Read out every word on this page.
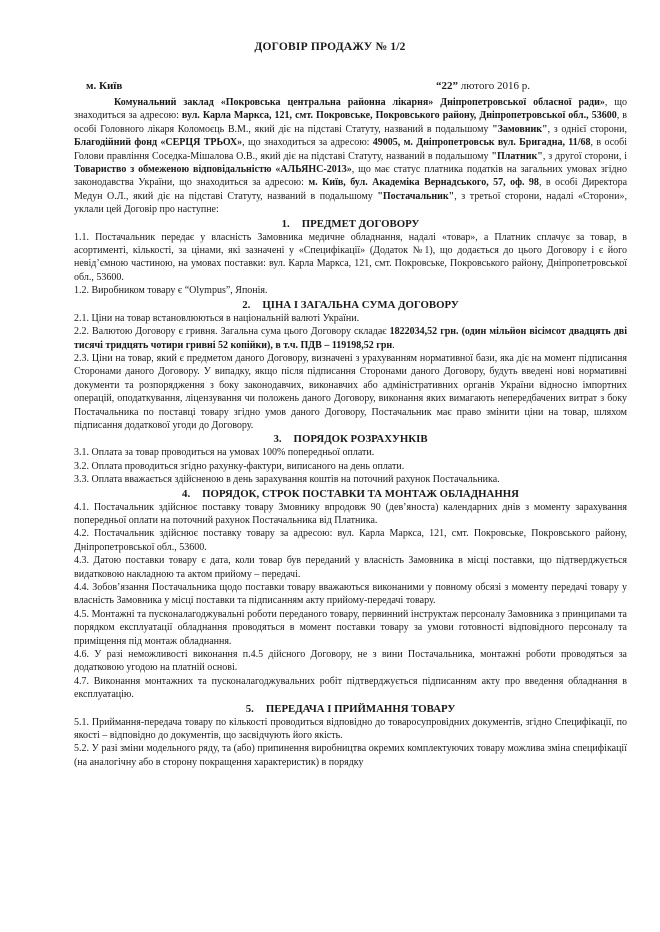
ДОГОВІР ПРОДАЖУ № 1/2
м. Київ	“22” лютого 2016 р.

Комунальний заклад «Покровська центральна районна лікарня» Дніпропетровської обласної ради», що знаходиться за адресою: вул. Карла Маркса, 121, смт. Покровське, Покровського району, Дніпропетровської обл., 53600, в особі Головного лікаря Коломоєць В.М., який діє на підставі Статуту, названий в подальшому "Замовник", з однієї сторони, Благодійний фонд «СЕРЦЯ ТРЬОХ», що знаходиться за адресою: 49005, м. Дніпропетровськ вул. Бригадна, 11/68, в особі Голови правління Соседка-Мішалова О.В., який діє на підставі Статуту, названий в подальшому "Платник", з другої сторони, і Товариство з обмеженою відповідальністю «АЛЬЯНС-2013», що має статус платника податків на загальних умовах згідно законодавства України, що знаходиться за адресою: м. Київ, бул. Академіка Вернадського, 57, оф. 98, в особі Директора Медун О.Л., який діє на підставі Статуту, названий в подальшому "Постачальник", з третьої сторони, надалі «Сторони», уклали цей Договір про наступне:

1. ПРЕДМЕТ ДОГОВОРУ

1.1. Постачальник передає у власність Замовника медичне обладнання, надалі «товар», а Платник сплачує за товар, в асортименті, кількості, за цінами, які зазначені у «Специфікації» (Додаток №1), що додається до цього Договору і є його невід’ємною частиною, на умовах поставки: вул. Карла Маркса, 121, смт. Покровське, Покровського району, Дніпропетровської обл., 53600.

1.2. Виробником товару є “Olympus”, Японія.

2. ЦІНА І ЗАГАЛЬНА СУМА ДОГОВОРУ

2.1. Ціни на товар встановлюються в національній валюті України.

2.2. Валютою Договору є гривня. Загальна сума цього Договору складає 1822034,52 грн. (один мільйон вісімсот двадцять дві тисячі тридцять чотири гривні 52 копійки), в т.ч. ПДВ – 119198,52 грн.

2.3. Ціни на товар, який є предметом даного Договору, визначені з урахуванням нормативної бази, яка діє на момент підписання Сторонами даного Договору. У випадку, якщо після підписання Сторонами даного Договору, будуть введені нові нормативні документи та розпорядження з боку законодавчих, виконавчих або адміністративних органів України відносно імпортних операцій, оподаткування, ліцензування чи положень даного Договору, виконання яких вимагають непередбачених витрат з боку Постачальника по поставці товару згідно умов даного Договору, Постачальник має право змінити ціни на товар, шляхом підписання додаткової угоди до Договору.

3. ПОРЯДОК РОЗРАХУНКІВ

3.1. Оплата за товар проводиться на умовах 100% попередньої оплати.

3.2. Оплата проводиться згідно рахунку-фактури, виписаного на день оплати.

3.3. Оплата вважається здійсненою в день зарахування коштів на поточний рахунок Постачальника.

4. ПОРЯДОК, СТРОК ПОСТАВКИ ТА МОНТАЖ ОБЛАДНАННЯ

4.1. Постачальник здійснює поставку товару Змовнику впродовж 90 (дев’яноста) календарних днів з моменту зарахування попередньої оплати на поточний рахунок Постачальника від Платника.

4.2. Постачальник здійснює поставку товару за адресою: вул. Карла Маркса, 121, смт. Покровське, Покровського району, Дніпропетровської обл., 53600.

4.3. Датою поставки товару є дата, коли товар був переданий у власність Замовника в місці поставки, що підтверджується видатковою накладною та актом прийому – передачі.

4.4. Зобов’язання Постачальника щодо поставки товару вважаються виконаними у повному обсязі з моменту передачі товару у власність Замовника у місці поставки та підписанням акту прийому-передачі товару.

4.5. Монтажні та пусконалагоджувальні роботи переданого товару, первинний інструктаж персоналу Замовника з принципами та порядком експлуатації обладнання проводяться в момент поставки товару за умови готовності відповідного персоналу та приміщення під монтаж обладнання.

4.6. У разі неможливості виконання п.4.5 дійсного Договору, не з вини Постачальника, монтажні роботи проводяться за додатковою угодою на платній основі.

4.7. Виконання монтажних та пусконалагоджувальних робіт підтверджується підписанням акту про введення обладнання в експлуатацію.

5. ПЕРЕДАЧА І ПРИЙМАННЯ ТОВАРУ

5.1. Приймання-передача товару по кількості проводиться відповідно до товаросупровідних документів, згідно Специфікації, по якості – відповідно до документів, що засвідчують його якість.

5.2. У разі зміни модельного ряду, та (або) припинення виробництва окремих комплектуючих товару можлива зміна специфікації (на аналогічну або в сторону покращення характеристик) в порядку
